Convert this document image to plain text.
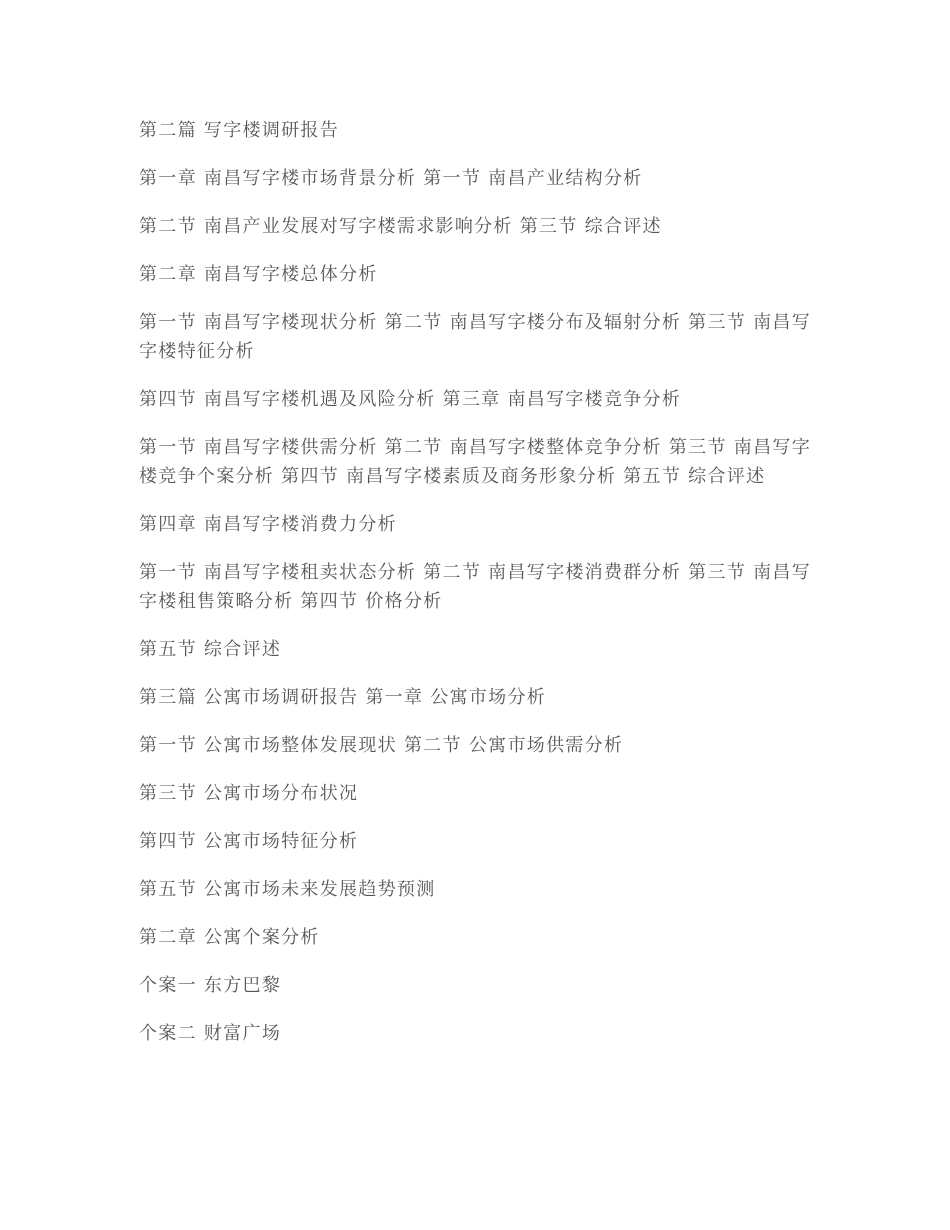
第二篇 写字楼调研报告

第一章 南昌写字楼市场背景分析 第一节 南昌产业结构分析

第二节 南昌产业发展对写字楼需求影响分析 第三节 综合评述

第二章 南昌写字楼总体分析

第一节 南昌写字楼现状分析 第二节 南昌写字楼分布及辐射分析 第三节 南昌写字楼特征分析

第四节 南昌写字楼机遇及风险分析 第三章 南昌写字楼竞争分析

第一节 南昌写字楼供需分析 第二节 南昌写字楼整体竞争分析 第三节 南昌写字楼竞争个案分析 第四节 南昌写字楼素质及商务形象分析 第五节 综合评述

第四章 南昌写字楼消费力分析

第一节 南昌写字楼租卖状态分析 第二节 南昌写字楼消费群分析 第三节 南昌写字楼租售策略分析 第四节 价格分析

第五节 综合评述

第三篇 公寓市场调研报告 第一章 公寓市场分析

第一节 公寓市场整体发展现状 第二节 公寓市场供需分析

第三节 公寓市场分布状况

第四节 公寓市场特征分析

第五节 公寓市场未来发展趋势预测

第二章 公寓个案分析

个案一 东方巴黎

个案二 财富广场
